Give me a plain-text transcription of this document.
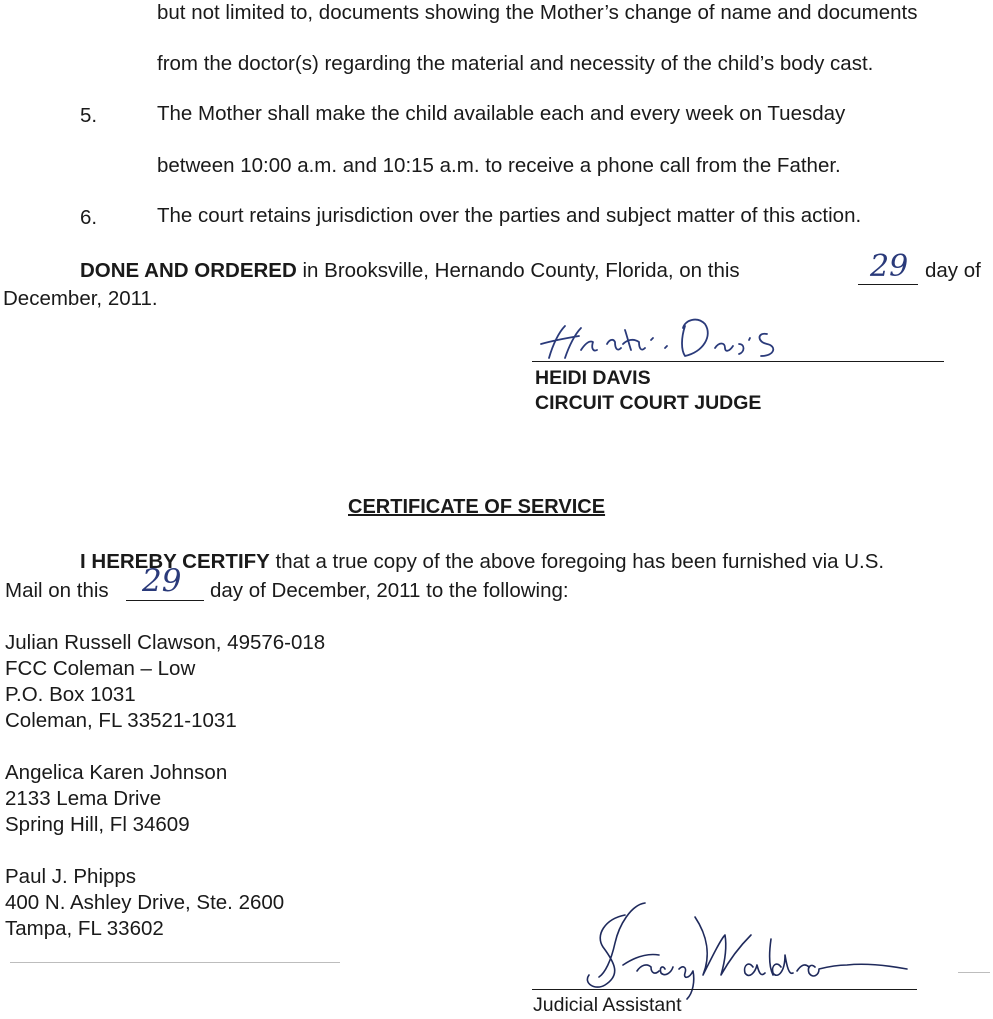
but not limited to, documents showing the Mother’s change of name and documents
from the doctor(s) regarding the material and necessity of the child’s body cast.
5.	The Mother shall make the child available each and every week on Tuesday
between 10:00 a.m. and 10:15 a.m. to receive a phone call from the Father.
6.	The court retains jurisdiction over the parties and subject matter of this action.
DONE AND ORDERED in Brooksville, Hernando County, Florida, on this	29 day of
December, 2011.
HEIDI DAVIS
CIRCUIT COURT JUDGE
CERTIFICATE OF SERVICE
I HEREBY CERTIFY that a true copy of the above foregoing has been furnished via U.S.
Mail on this 29 day of December, 2011 to the following:
Julian Russell Clawson, 49576-018
FCC Coleman – Low
P.O. Box 1031
Coleman, FL 33521-1031
Angelica Karen Johnson
2133 Lema Drive
Spring Hill, Fl 34609
Paul J. Phipps
400 N. Ashley Drive, Ste. 2600
Tampa, FL 33602
Judicial Assistant
